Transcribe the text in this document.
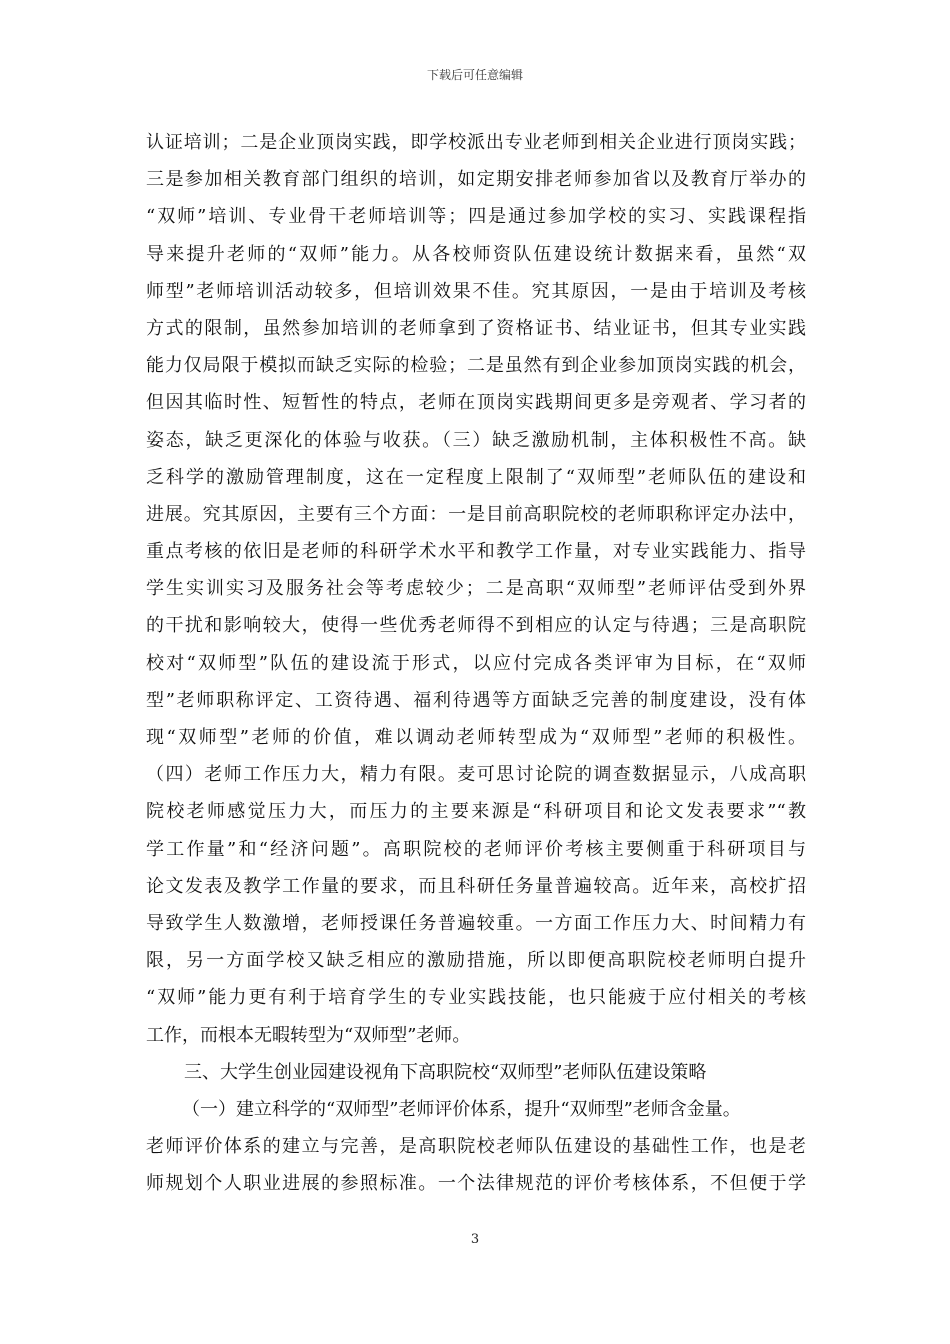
下载后可任意编辑
认证培训；二是企业顶岗实践，即学校派出专业老师到相关企业进行顶岗实践；
三是参加相关教育部门组织的培训，如定期安排老师参加省以及教育厅举办的
“双师”培训、专业骨干老师培训等；四是通过参加学校的实习、实践课程指
导来提升老师的“双师”能力。从各校师资队伍建设统计数据来看，虽然“双
师型”老师培训活动较多，但培训效果不佳。究其原因，一是由于培训及考核
方式的限制，虽然参加培训的老师拿到了资格证书、结业证书，但其专业实践
能力仅局限于模拟而缺乏实际的检验；二是虽然有到企业参加顶岗实践的机会，
但因其临时性、短暂性的特点，老师在顶岗实践期间更多是旁观者、学习者的
姿态，缺乏更深化的体验与收获。（三）缺乏激励机制，主体积极性不高。缺
乏科学的激励管理制度，这在一定程度上限制了“双师型”老师队伍的建设和
进展。究其原因，主要有三个方面：一是目前高职院校的老师职称评定办法中，
重点考核的依旧是老师的科研学术水平和教学工作量，对专业实践能力、指导
学生实训实习及服务社会等考虑较少；二是高职“双师型”老师评估受到外界
的干扰和影响较大，使得一些优秀老师得不到相应的认定与待遇；三是高职院
校对“双师型”队伍的建设流于形式，以应付完成各类评审为目标，在“双师
型”老师职称评定、工资待遇、福利待遇等方面缺乏完善的制度建设，没有体
现“双师型”老师的价值，难以调动老师转型成为“双师型”老师的积极性。
（四）老师工作压力大，精力有限。麦可思讨论院的调查数据显示，八成高职
院校老师感觉压力大，而压力的主要来源是“科研项目和论文发表要求”“教
学工作量”和“经济问题”。高职院校的老师评价考核主要侧重于科研项目与
论文发表及教学工作量的要求，而且科研任务量普遍较高。近年来，高校扩招
导致学生人数激增，老师授课任务普遍较重。一方面工作压力大、时间精力有
限，另一方面学校又缺乏相应的激励措施，所以即便高职院校老师明白提升
“双师”能力更有利于培育学生的专业实践技能，也只能疲于应付相关的考核
工作，而根本无暇转型为“双师型”老师。
三、大学生创业园建设视角下高职院校“双师型”老师队伍建设策略
（一）建立科学的“双师型”老师评价体系，提升“双师型”老师含金量。
老师评价体系的建立与完善，是高职院校老师队伍建设的基础性工作，也是老
师规划个人职业进展的参照标准。一个法律规范的评价考核体系，不但便于学
3
